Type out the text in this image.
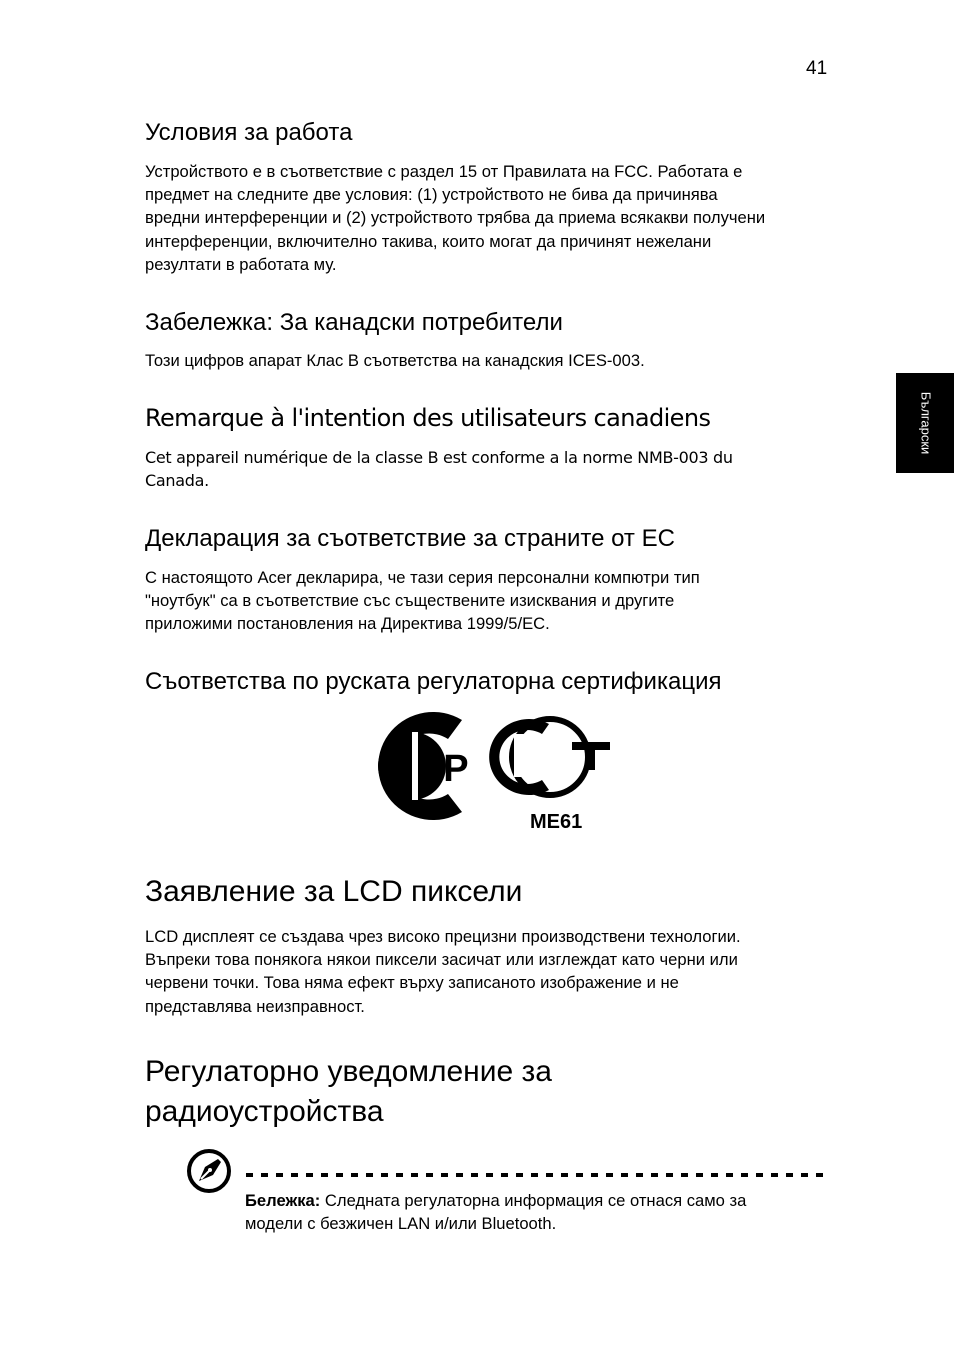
41
Български
Условия за работа
Устройството е в съответствие с раздел 15 от Правилата на FCC. Работата е
предмет на следните две условия: (1) устройството не бива да причинява
вредни интерференции и (2) устройството трябва да приема всякакви получени
интерференции, включително такива, които могат да причинят нежелани
резултати в работата му.
Забележка: За канадски потребители
Този цифров апарат Клас B съответства на канадския ICES-003.
Remarque à l'intention des utilisateurs canadiens
Cet appareil numérique de la classe B est conforme a la norme NMB-003 du
Canada.
Декларация за съответствие за страните от ЕС
С настоящото Acer декларира, че тази серия персонални компютри тип
"ноутбук" са в съответствие със съществените изисквания и другите
приложими постановления на Директива 1999/5/EC.
Съответства по руската регулаторна сертификация
ТР
ME61
Заявление за LCD пиксели
LCD дисплеят се създава чрез високо прецизни производствени технологии.
Въпреки това понякога някои пиксели засичат или изглеждат като черни или
червени точки. Това няма ефект върху записаното изображение и не
представлява неизправност.
Регулаторно уведомление за
радиоустройства
Бележка: Следната регулаторна информация се отнася само за
модели с безжичен LAN и/или Bluetooth.
